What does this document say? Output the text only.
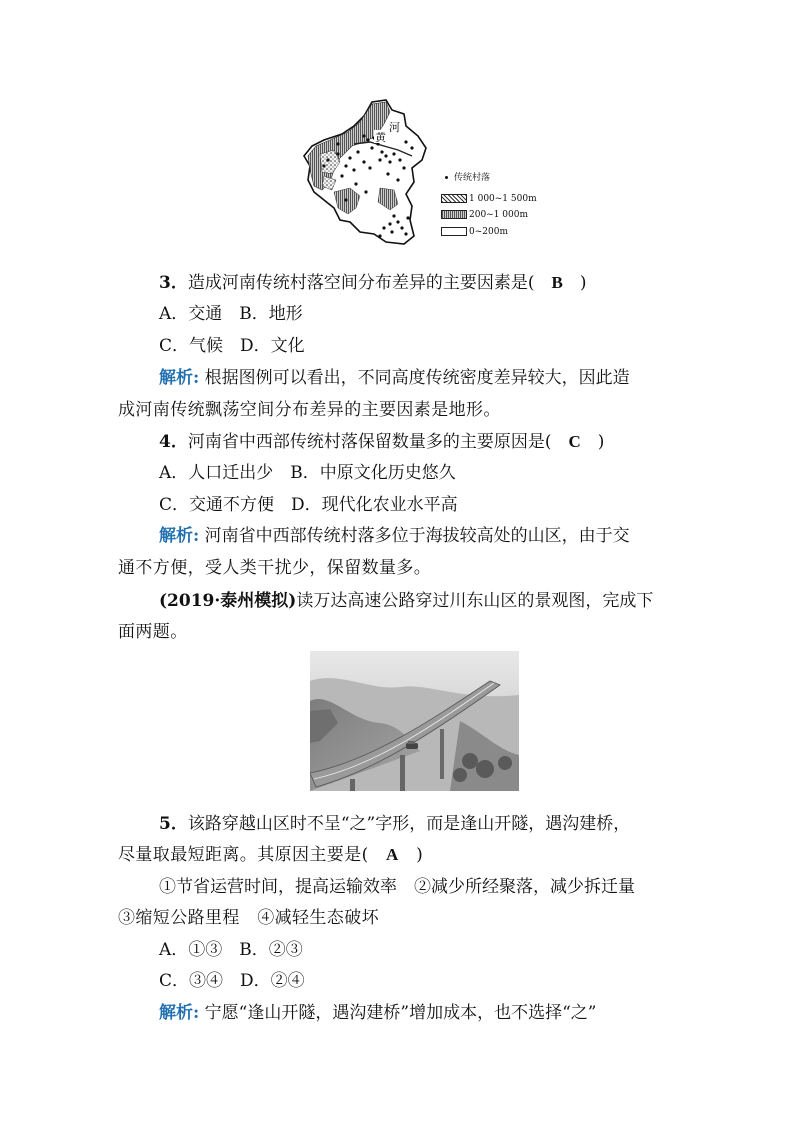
黄
河
传统村落
1 000~1 500m
200~1 000m
0~200m
3．造成河南传统村落空间分布差异的主要因素是(　B　)
A．交通　B．地形
C．气候　D．文化
解析: 根据图例可以看出，不同高度传统密度差异较大，因此造
成河南传统飘荡空间分布差异的主要因素是地形。
4．河南省中西部传统村落保留数量多的主要原因是(　C　)
A．人口迁出少　B．中原文化历史悠久
C．交通不方便　D．现代化农业水平高
解析: 河南省中西部传统村落多位于海拔较高处的山区，由于交
通不方便，受人类干扰少，保留数量多。
(2019·泰州模拟)读万达高速公路穿过川东山区的景观图，完成下
面两题。
5．该路穿越山区时不呈“之”字形，而是逢山开隧，遇沟建桥，
尽量取最短距离。其原因主要是(　A　)
①节省运营时间，提高运输效率　②减少所经聚落，减少拆迁量
③缩短公路里程　④减轻生态破坏
A．①③　B．②③
C．③④　D．②④
解析: 宁愿“逢山开隧，遇沟建桥”增加成本，也不选择“之”
